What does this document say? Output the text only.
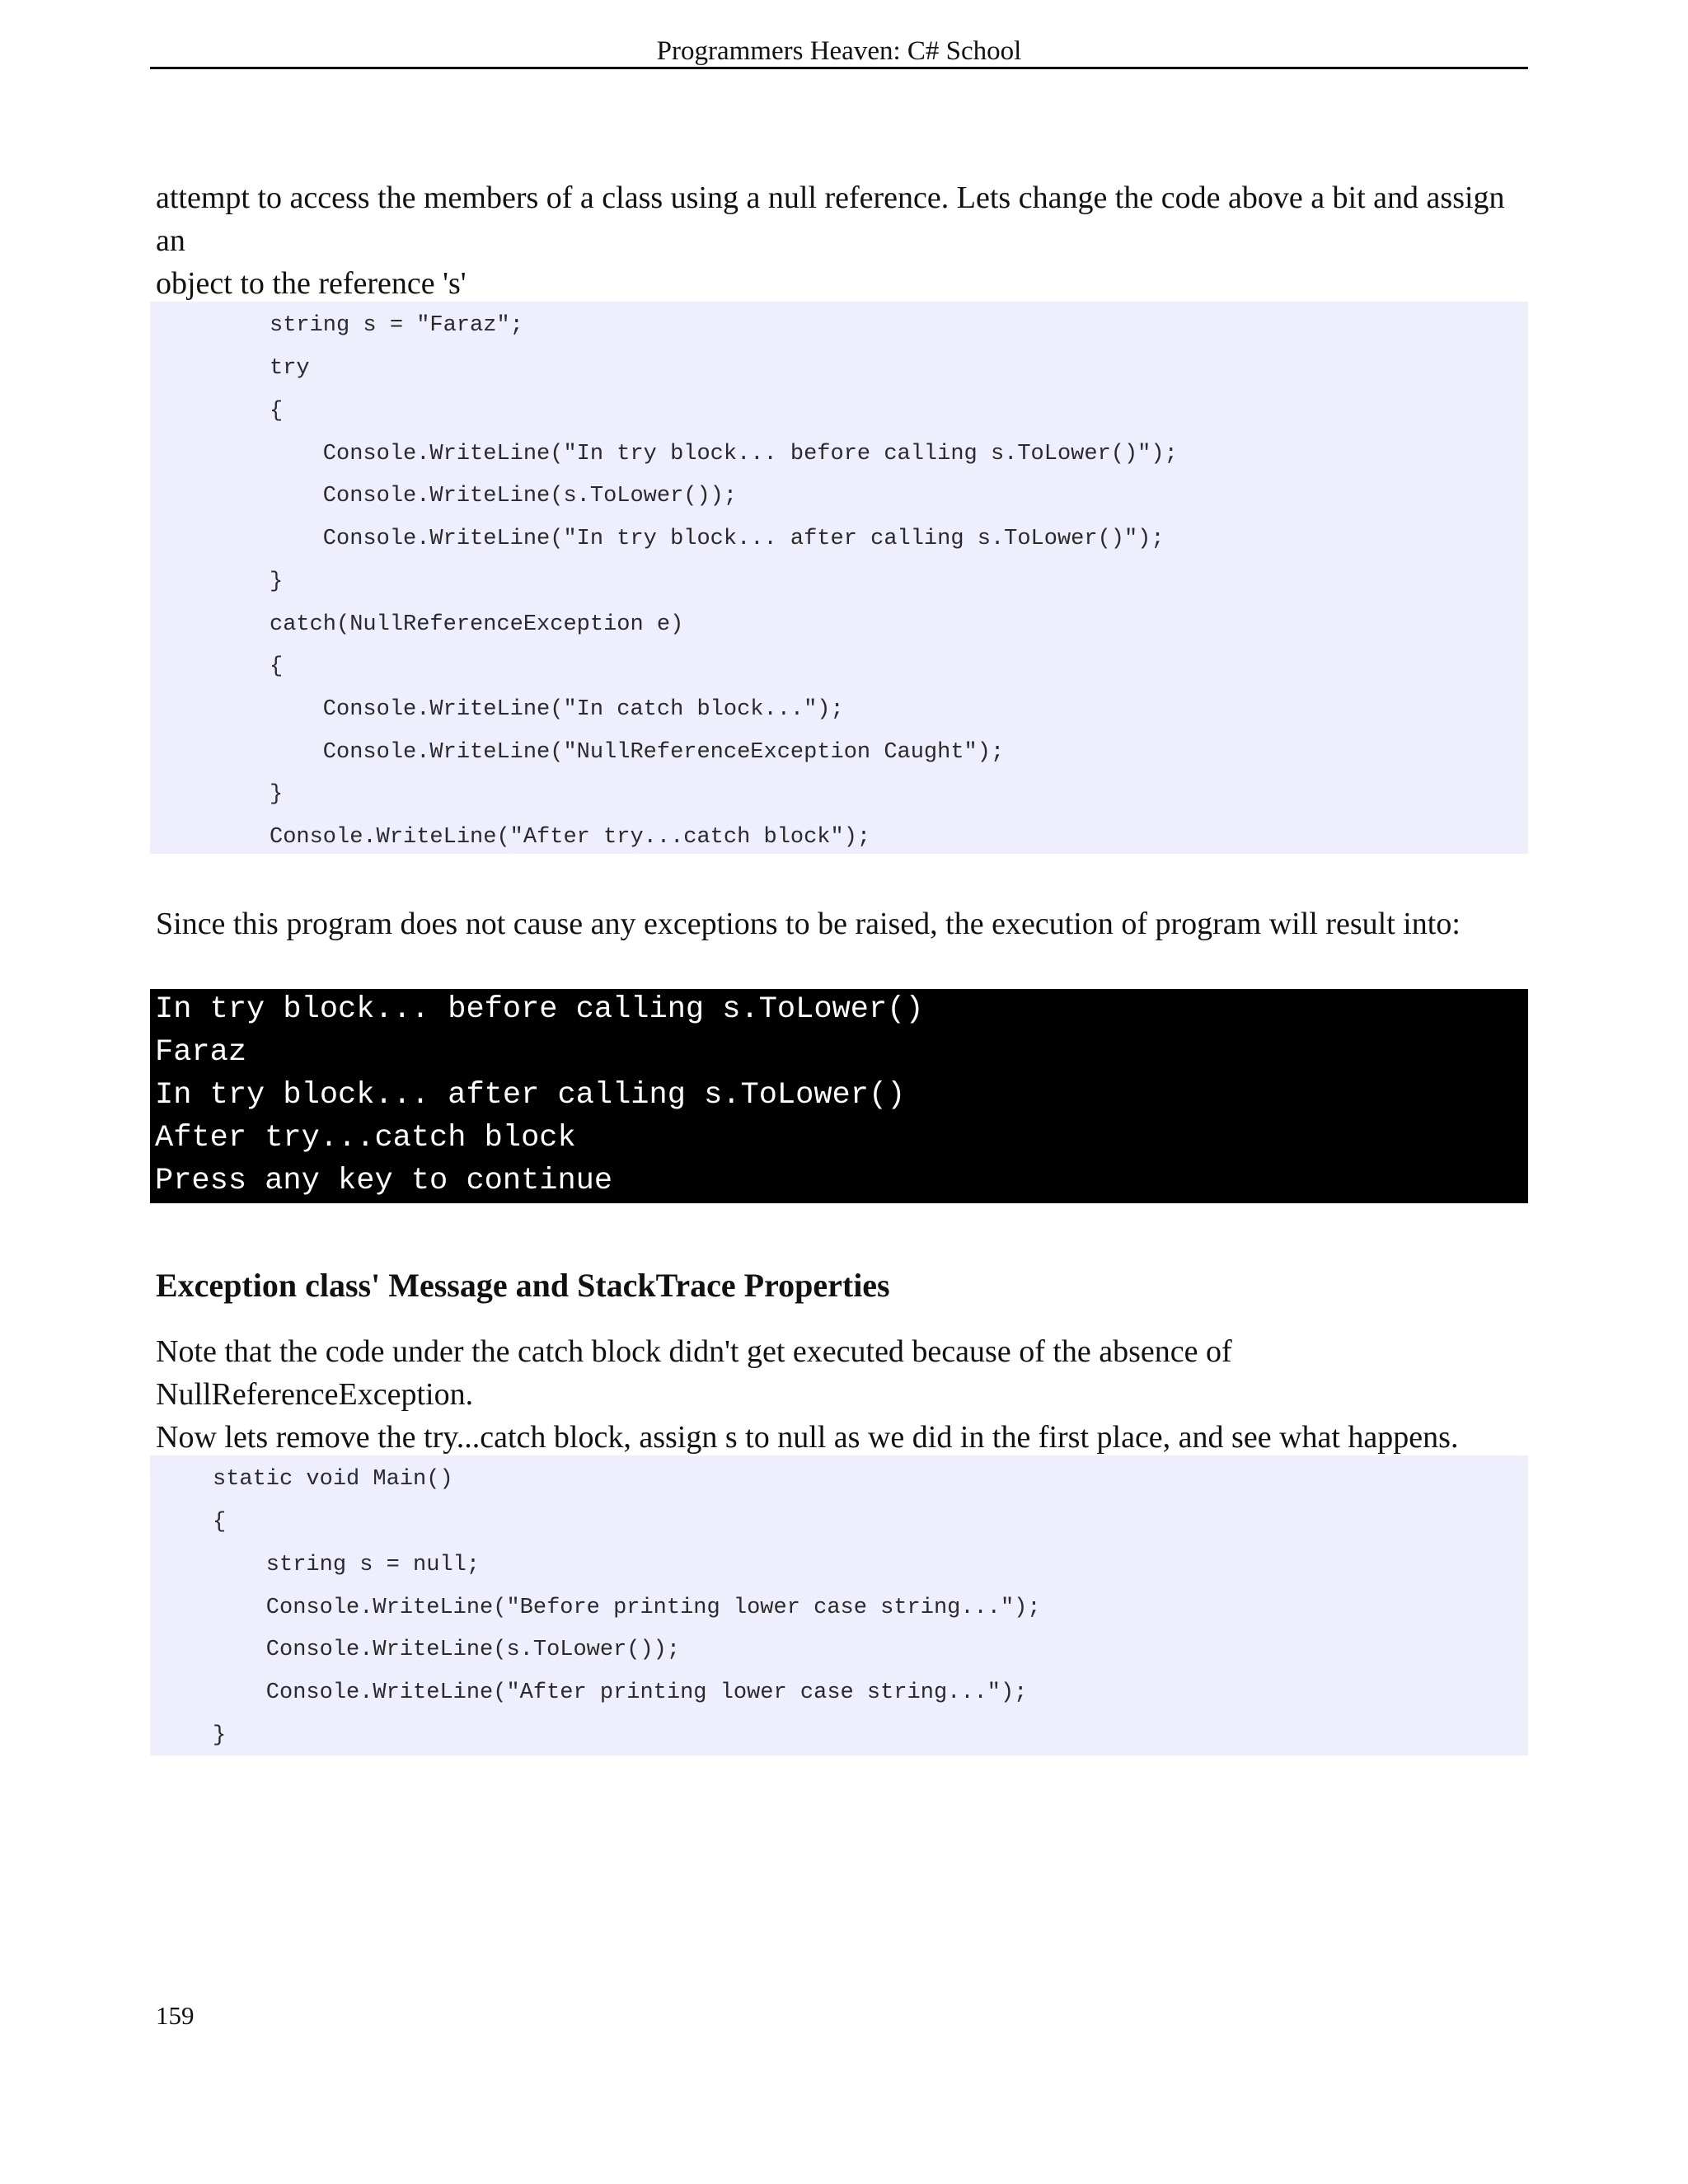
Programmers Heaven: C# School

attempt to access the members of a class using a null reference. Lets change the code above a bit and assign an
object to the reference 's'

string s = "Faraz";
try
{
Console.WriteLine("In try block... before calling s.ToLower()");
Console.WriteLine(s.ToLower());
Console.WriteLine("In try block... after calling s.ToLower()");
}
catch(NullReferenceException e)
{
Console.WriteLine("In catch block...");
Console.WriteLine("NullReferenceException Caught");
}
Console.WriteLine("After try...catch block");

Since this program does not cause any exceptions to be raised, the execution of program will result into:

In try block... before calling s.ToLower()
Faraz
In try block... after calling s.ToLower()
After try...catch block
Press any key to continue
Exception class' Message and StackTrace Properties

Note that the code under the catch block didn't get executed because of the absence of NullReferenceException.
Now lets remove the try...catch block, assign s to null as we did in the first place, and see what happens.

static void Main()
{
string s = null;
Console.WriteLine("Before printing lower case string...");
Console.WriteLine(s.ToLower());
Console.WriteLine("After printing lower case string...");
}
159
